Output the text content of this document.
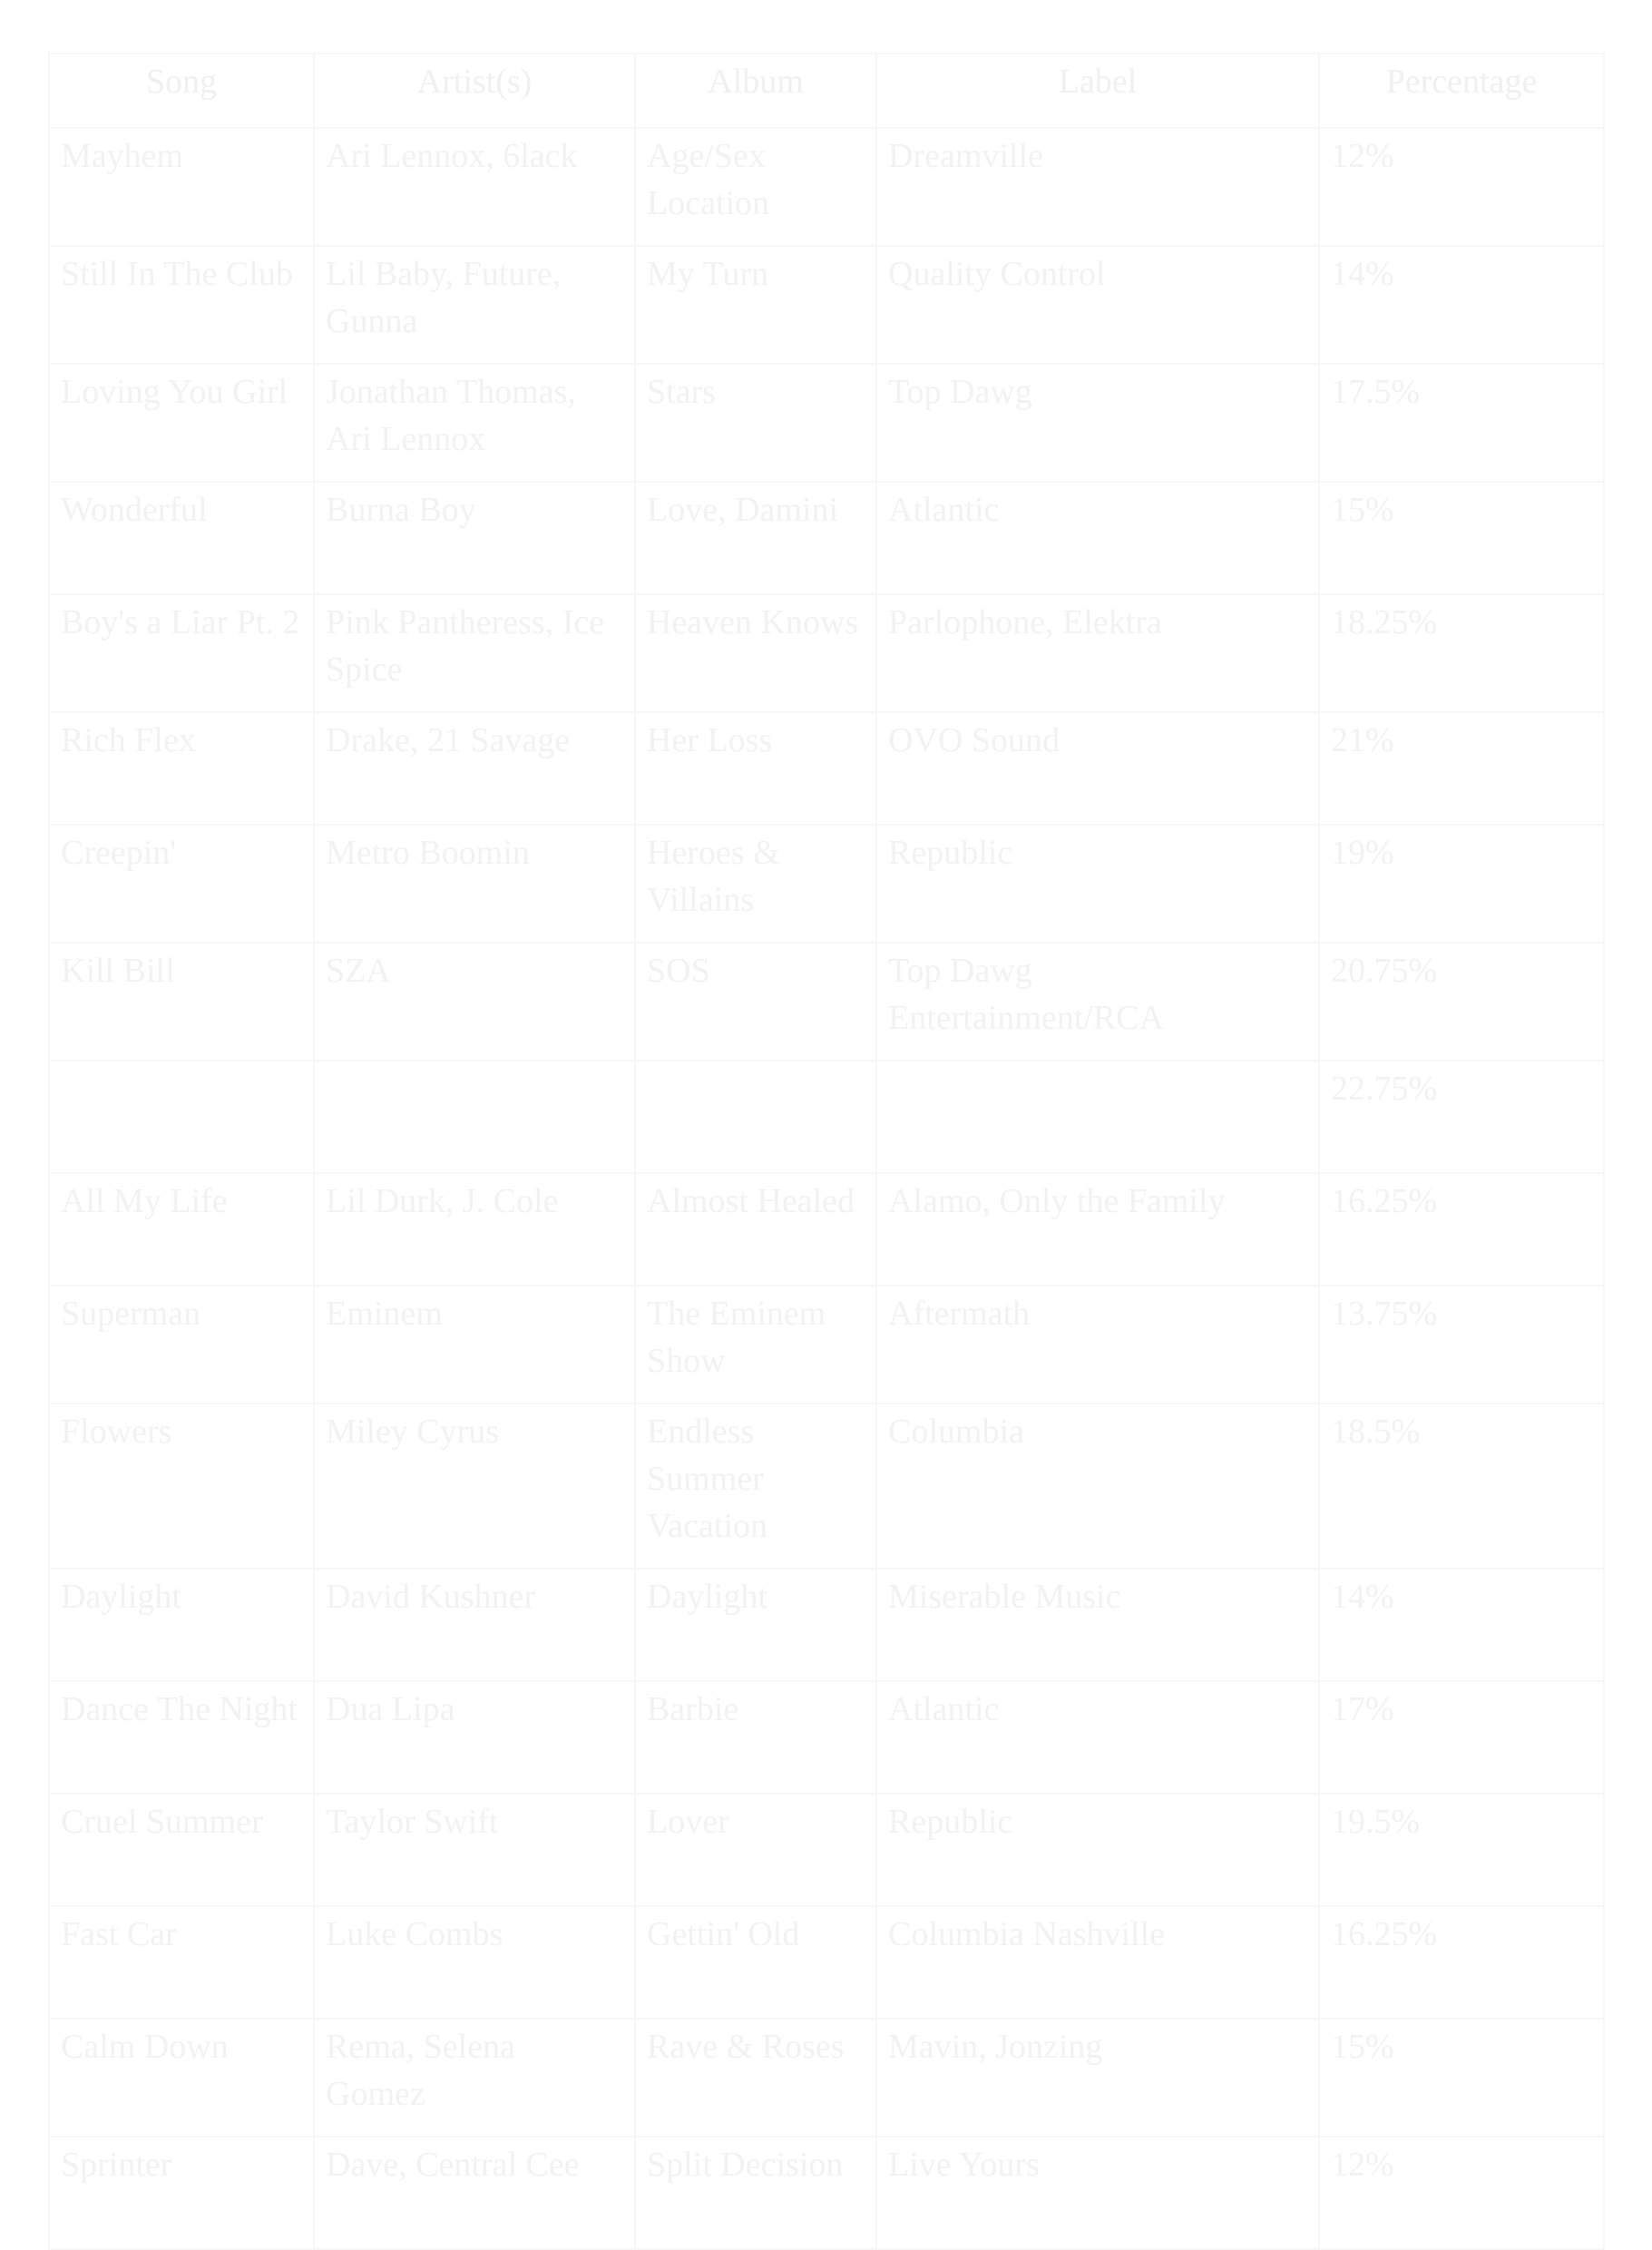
Song	Artist(s)	Album	Label	Percentage
Mayhem	Ari Lennox, 6lack	Age/Sex Location	Dreamville	12%
Still In The Club	Lil Baby, Future, Gunna	My Turn	Quality Control	14%
Loving You Girl	Jonathan Thomas, Ari Lennox	Stars	Top Dawg	17.5%
Wonderful	Burna Boy	Love, Damini	Atlantic	15%
Boy's a Liar Pt. 2	Pink Pantheress, Ice Spice	Heaven Knows	Parlophone, Elektra	18.25%
Rich Flex	Drake, 21 Savage	Her Loss	OVO Sound	21%
Creepin'	Metro Boomin	Heroes & Villains	Republic	19%
Kill Bill	SZA	SOS	Top Dawg Entertainment/RCA	20.75%
				22.75%
All My Life	Lil Durk, J. Cole	Almost Healed	Alamo, Only the Family	16.25%
Superman	Eminem	The Eminem Show	Aftermath	13.75%
Flowers	Miley Cyrus	Endless Summer Vacation	Columbia	18.5%
Daylight	David Kushner	Daylight	Miserable Music	14%
Dance The Night	Dua Lipa	Barbie	Atlantic	17%
Cruel Summer	Taylor Swift	Lover	Republic	19.5%
Fast Car	Luke Combs	Gettin' Old	Columbia Nashville	16.25%
Calm Down	Rema, Selena Gomez	Rave & Roses	Mavin, Jonzing	15%
Sprinter	Dave, Central Cee	Split Decision	Live Yours	12%
